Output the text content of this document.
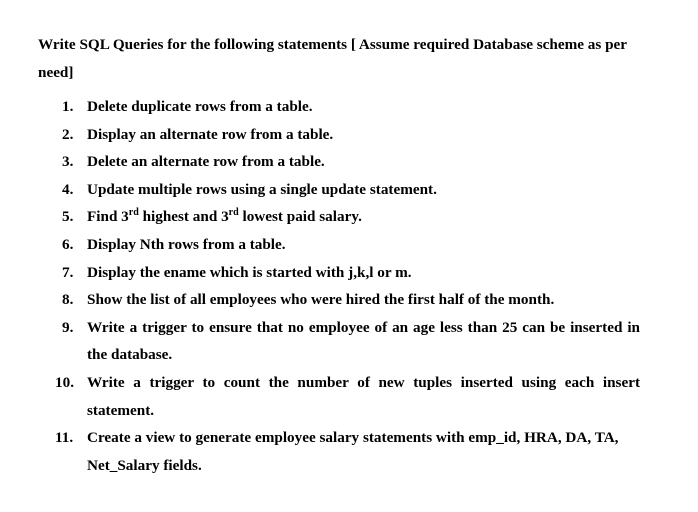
Write SQL Queries for the following statements [ Assume required Database scheme as per need]

1. Delete duplicate rows from a table.
2. Display an alternate row from a table.
3. Delete an alternate row from a table.
4. Update multiple rows using a single update statement.
5. Find 3rd highest and 3rd lowest paid salary.
6. Display Nth rows from a table.
7. Display the ename which is started with j,k,l or m.
8. Show the list of all employees who were hired the first half of the month.
9. Write a trigger to ensure that no employee of an age less than 25 can be inserted in the database.
10. Write a trigger to count the number of new tuples inserted using each insert statement.
11. Create a view to generate employee salary statements with emp_id, HRA, DA, TA, Net_Salary fields.
